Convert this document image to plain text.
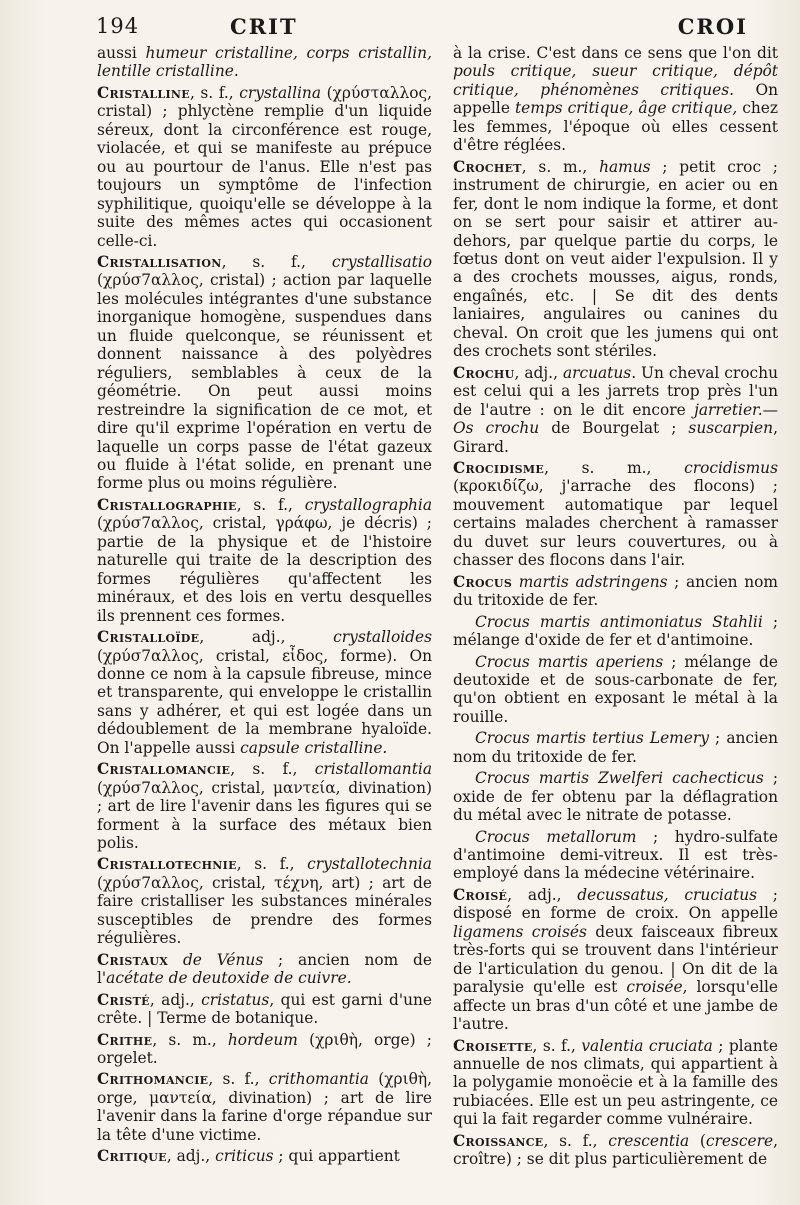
194	CRIT	CROI

aussi humeur cristalline, corps cristallin, lentille cristalline.

Cristalline, s. f., crystallina (χρύσταλλος, cristal) ; phlyctène remplie d'un liquide séreux, dont la circonférence est rouge, violacée, et qui se manifeste au prépuce ou au pourtour de l'anus. Elle n'est pas toujours un symptôme de l'infection syphilitique, quoiqu'elle se développe à la suite des mêmes actes qui occasionent celle-ci.

Cristallisation, s. f., crystallisatio (χρύσ7αλλος, cristal) ; action par laquelle les molécules intégrantes d'une substance inorganique homogène, suspendues dans un fluide quelconque, se réunissent et donnent naissance à des polyèdres réguliers, semblables à ceux de la géométrie. On peut aussi moins restreindre la signification de ce mot, et dire qu'il exprime l'opération en vertu de laquelle un corps passe de l'état gazeux ou fluide à l'état solide, en prenant une forme plus ou moins régulière.

Cristallographie, s. f., crystallographia (χρύσ7αλλος, cristal, γράφω, je décris) ; partie de la physique et de l'histoire naturelle qui traite de la description des formes régulières qu'affectent les minéraux, et des lois en vertu desquelles ils prennent ces formes.

Cristalloïde, adj., crystalloides (χρύσ7αλλος, cristal, εἶδος, forme). On donne ce nom à la capsule fibreuse, mince et transparente, qui enveloppe le cristallin sans y adhérer, et qui est logée dans un dédoublement de la membrane hyaloïde. On l'appelle aussi capsule cristalline.

Cristallomancie, s. f., cristallomantia (χρύσ7αλλος, cristal, μαντεία, divination) ; art de lire l'avenir dans les figures qui se forment à la surface des métaux bien polis.

Cristallotechnie, s. f., crystallotechnia (χρύσ7αλλος, cristal, τέχνη, art) ; art de faire cristalliser les substances minérales susceptibles de prendre des formes régulières.

Cristaux de Vénus ; ancien nom de l'acétate de deutoxide de cuivre.

Cristé, adj., cristatus, qui est garni d'une crête. | Terme de botanique.

Crithe, s. m., hordeum (χριθὴ, orge) ; orgelet.

Crithomancie, s. f., crithomantia (χριθὴ, orge, μαντεία, divination) ; art de lire l'avenir dans la farine d'orge répandue sur la tête d'une victime.

Critique, adj., criticus ; qui appartient

à la crise. C'est dans ce sens que l'on dit pouls critique, sueur critique, dépôt critique, phénomènes critiques. On appelle temps critique, âge critique, chez les femmes, l'époque où elles cessent d'être réglées.

Crochet, s. m., hamus ; petit croc ; instrument de chirurgie, en acier ou en fer, dont le nom indique la forme, et dont on se sert pour saisir et attirer au-dehors, par quelque partie du corps, le fœtus dont on veut aider l'expulsion. Il y a des crochets mousses, aigus, ronds, engaînés, etc. | Se dit des dents laniaires, angulaires ou canines du cheval. On croit que les jumens qui ont des crochets sont stériles.

Crochu, adj., arcuatus. Un cheval crochu est celui qui a les jarrets trop près l'un de l'autre : on le dit encore jarretier.— Os crochu de Bourgelat ; suscarpien, Girard.

Crocidisme, s. m., crocidismus (κροκιδίζω, j'arrache des flocons) ; mouvement automatique par lequel certains malades cherchent à ramasser du duvet sur leurs couvertures, ou à chasser des flocons dans l'air.

Crocus martis adstringens ; ancien nom du tritoxide de fer.

Crocus martis antimoniatus Stahlii ; mélange d'oxide de fer et d'antimoine.

Crocus martis aperiens ; mélange de deutoxide et de sous-carbonate de fer, qu'on obtient en exposant le métal à la rouille.

Crocus martis tertius Lemery ; ancien nom du tritoxide de fer.

Crocus martis Zwelferi cachecticus ; oxide de fer obtenu par la déflagration du métal avec le nitrate de potasse.

Crocus metallorum ; hydro-sulfate d'antimoine demi-vitreux. Il est très-employé dans la médecine vétérinaire.

Croisé, adj., decussatus, cruciatus ; disposé en forme de croix. On appelle ligamens croisés deux faisceaux fibreux très-forts qui se trouvent dans l'intérieur de l'articulation du genou. | On dit de la paralysie qu'elle est croisée, lorsqu'elle affecte un bras d'un côté et une jambe de l'autre.

Croisette, s. f., valentia cruciata ; plante annuelle de nos climats, qui appartient à la polygamie monoëcie et à la famille des rubiacées. Elle est un peu astringente, ce qui la fait regarder comme vulnéraire.

Croissance, s. f., crescentia (crescere, croître) ; se dit plus particulièrement de
